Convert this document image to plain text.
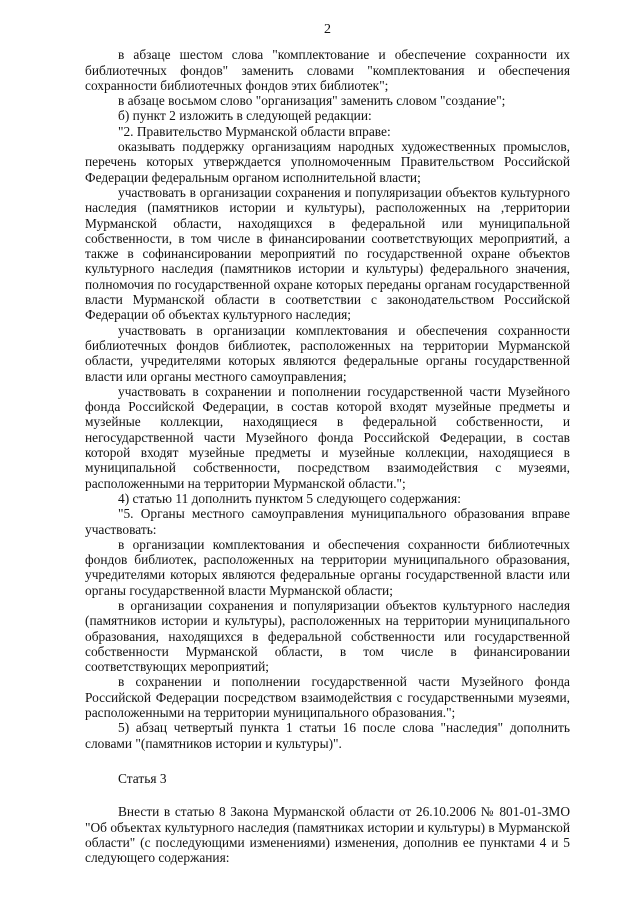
2

в абзаце шестом слова "комплектование и обеспечение сохранности их библиотечных фондов" заменить словами "комплектования и обеспечения сохранности библиотечных фондов этих библиотек";

в абзаце восьмом слово "организация" заменить словом "создание";

б) пункт 2 изложить в следующей редакции:

"2. Правительство Мурманской области вправе:

оказывать поддержку организациям народных художественных промыслов, перечень которых утверждается уполномоченным Правительством Российской Федерации федеральным органом исполнительной власти;

участвовать в организации сохранения и популяризации объектов культурного наследия (памятников истории и культуры), расположенных на ,территории Мурманской области, находящихся в федеральной или муниципальной собственности, в том числе в финансировании соответствующих мероприятий, а также в софинансировании мероприятий по государственной охране объектов культурного наследия (памятников истории и культуры) федерального значения, полномочия по государственной охране которых переданы органам государственной власти Мурманской области в соответствии с законодательством Российской Федерации об объектах культурного наследия;

участвовать в организации комплектования и обеспечения сохранности библиотечных фондов библиотек, расположенных на территории Мурманской области, учредителями которых являются федеральные органы государственной власти или органы местного самоуправления;

участвовать в сохранении и пополнении государственной части Музейного фонда Российской Федерации, в состав которой входят музейные предметы и музейные коллекции, находящиеся в федеральной собственности, и негосударственной части Музейного фонда Российской Федерации, в состав которой входят музейные предметы и музейные коллекции, находящиеся в муниципальной собственности, посредством взаимодействия с музеями, расположенными на территории Мурманской области.";

4) статью 11 дополнить пунктом 5 следующего содержания:

"5. Органы местного самоуправления муниципального образования вправе участвовать:

в организации комплектования и обеспечения сохранности библиотечных фондов библиотек, расположенных на территории муниципального образования, учредителями которых являются федеральные органы государственной власти или органы государственной власти Мурманской области;

в организации сохранения и популяризации объектов культурного наследия (памятников истории и культуры), расположенных на территории муниципального образования, находящихся в федеральной собственности или государственной собственности Мурманской области, в том числе в финансировании соответствующих мероприятий;

в сохранении и пополнении государственной части Музейного фонда Российской Федерации посредством взаимодействия с государственными музеями, расположенными на территории муниципального образования.";

5) абзац четвертый пункта 1 статьи 16 после слова "наследия" дополнить словами "(памятников истории и культуры)".

Статья 3

Внести в статью 8 Закона Мурманской области от 26.10.2006 № 801-01-ЗМО "Об объектах культурного наследия (памятниках истории и культуры) в Мурманской области" (с последующими изменениями) изменения, дополнив ее пунктами 4 и 5 следующего содержания:
